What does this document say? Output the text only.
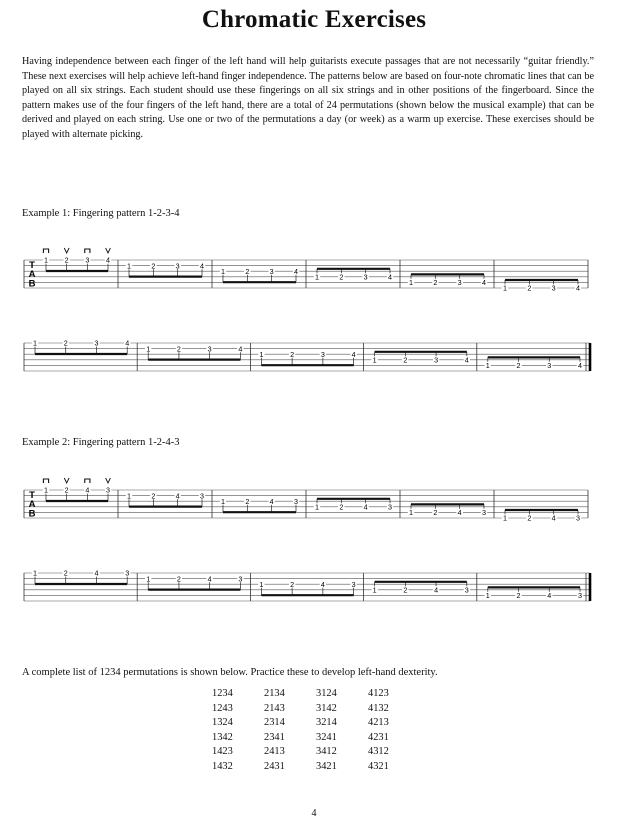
Chromatic Exercises
Having independence between each finger of the left hand will help guitarists execute passages that are not necessarily “guitar friendly.” These next exercises will help achieve left-hand finger independence. The patterns below are based on four-note chromatic lines that can be played on all six strings. Each student should use these fingerings on all six strings and in other positions of the fingerboard. Since the pattern makes use of the four fingers of the left hand, there are a total of 24 permutations (shown below the musical example) that can be derived and played on each string. Use one or two of the permutations a day (or week) as a warm up exercise. These exercises should be played with alternate picking.
Example 1: Fingering pattern 1-2-3-4
T
A
B
1 2 3 4
1	2	3	4
1	2	3	4
1	2	3	4
1	2	3	4
1	2	3	4
1	2	3	4
1	2	3	4
1	2	3	4
1	2	3	4
1	2	3	4
Example 2: Fingering pattern 1-2-4-3
T
A
B
1 2 4 3
1	2	4	3
1	2	4	3
1	2	4	3
1	2	4	3
1	2	4	3
1	2	4	3
1	2	4	3
1	2	4	3
1	2	4	3
1	2	4	3
A complete list of 1234 permutations is shown below. Practice these to develop left-hand dexterity.
1234	2134	3124	4123
1243	2143	3142	4132
1324	2314	3214	4213
1342	2341	3241	4231
1423	2413	3412	4312
1432	2431	3421	4321
4
